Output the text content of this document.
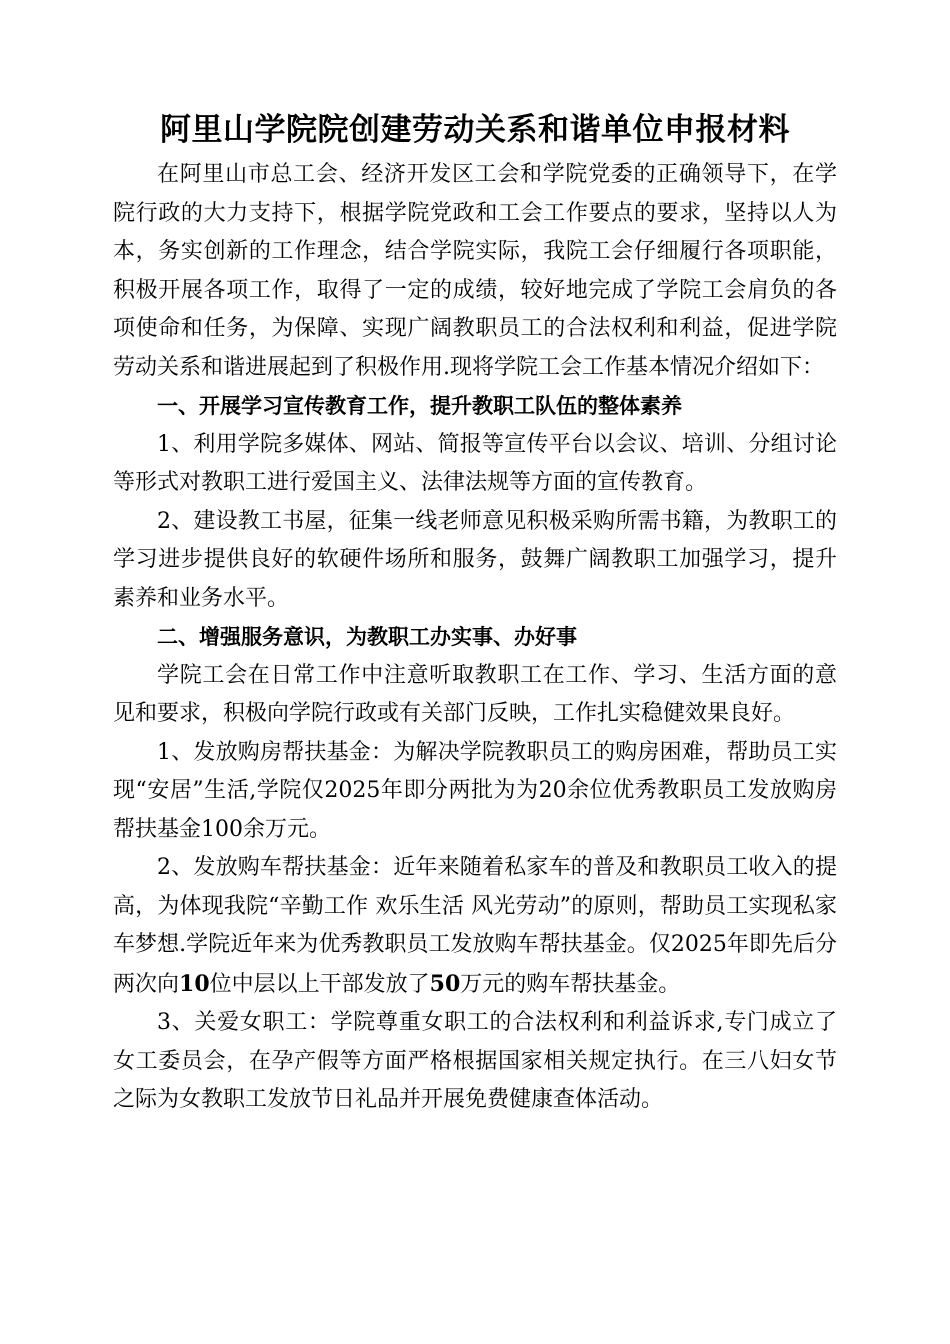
阿里山学院院创建劳动关系和谐单位申报材料

在阿里山市总工会、经济开发区工会和学院党委的正确领导下，在学院行政的大力支持下，根据学院党政和工会工作要点的要求，坚持以人为本，务实创新的工作理念，结合学院实际，我院工会仔细履行各项职能，积极开展各项工作，取得了一定的成绩，较好地完成了学院工会肩负的各项使命和任务，为保障、实现广阔教职员工的合法权利和利益，促进学院劳动关系和谐进展起到了积极作用.现将学院工会工作基本情况介绍如下：

一、开展学习宣传教育工作，提升教职工队伍的整体素养

1、利用学院多媒体、网站、简报等宣传平台以会议、培训、分组讨论等形式对教职工进行爱国主义、法律法规等方面的宣传教育。

2、建设教工书屋，征集一线老师意见积极采购所需书籍，为教职工的学习进步提供良好的软硬件场所和服务，鼓舞广阔教职工加强学习，提升素养和业务水平。

二、增强服务意识，为教职工办实事、办好事

学院工会在日常工作中注意听取教职工在工作、学习、生活方面的意见和要求，积极向学院行政或有关部门反映，工作扎实稳健效果良好。

1、发放购房帮扶基金：为解决学院教职员工的购房困难，帮助员工实现“安居”生活,学院仅2025年即分两批为为20余位优秀教职员工发放购房帮扶基金100余万元。

2、发放购车帮扶基金：近年来随着私家车的普及和教职员工收入的提高，为体现我院“辛勤工作 欢乐生活 风光劳动”的原则，帮助员工实现私家车梦想.学院近年来为优秀教职员工发放购车帮扶基金。仅2025年即先后分两次向10位中层以上干部发放了50万元的购车帮扶基金。

3、关爱女职工：学院尊重女职工的合法权利和利益诉求,专门成立了女工委员会，在孕产假等方面严格根据国家相关规定执行。在三八妇女节之际为女教职工发放节日礼品并开展免费健康查体活动。
